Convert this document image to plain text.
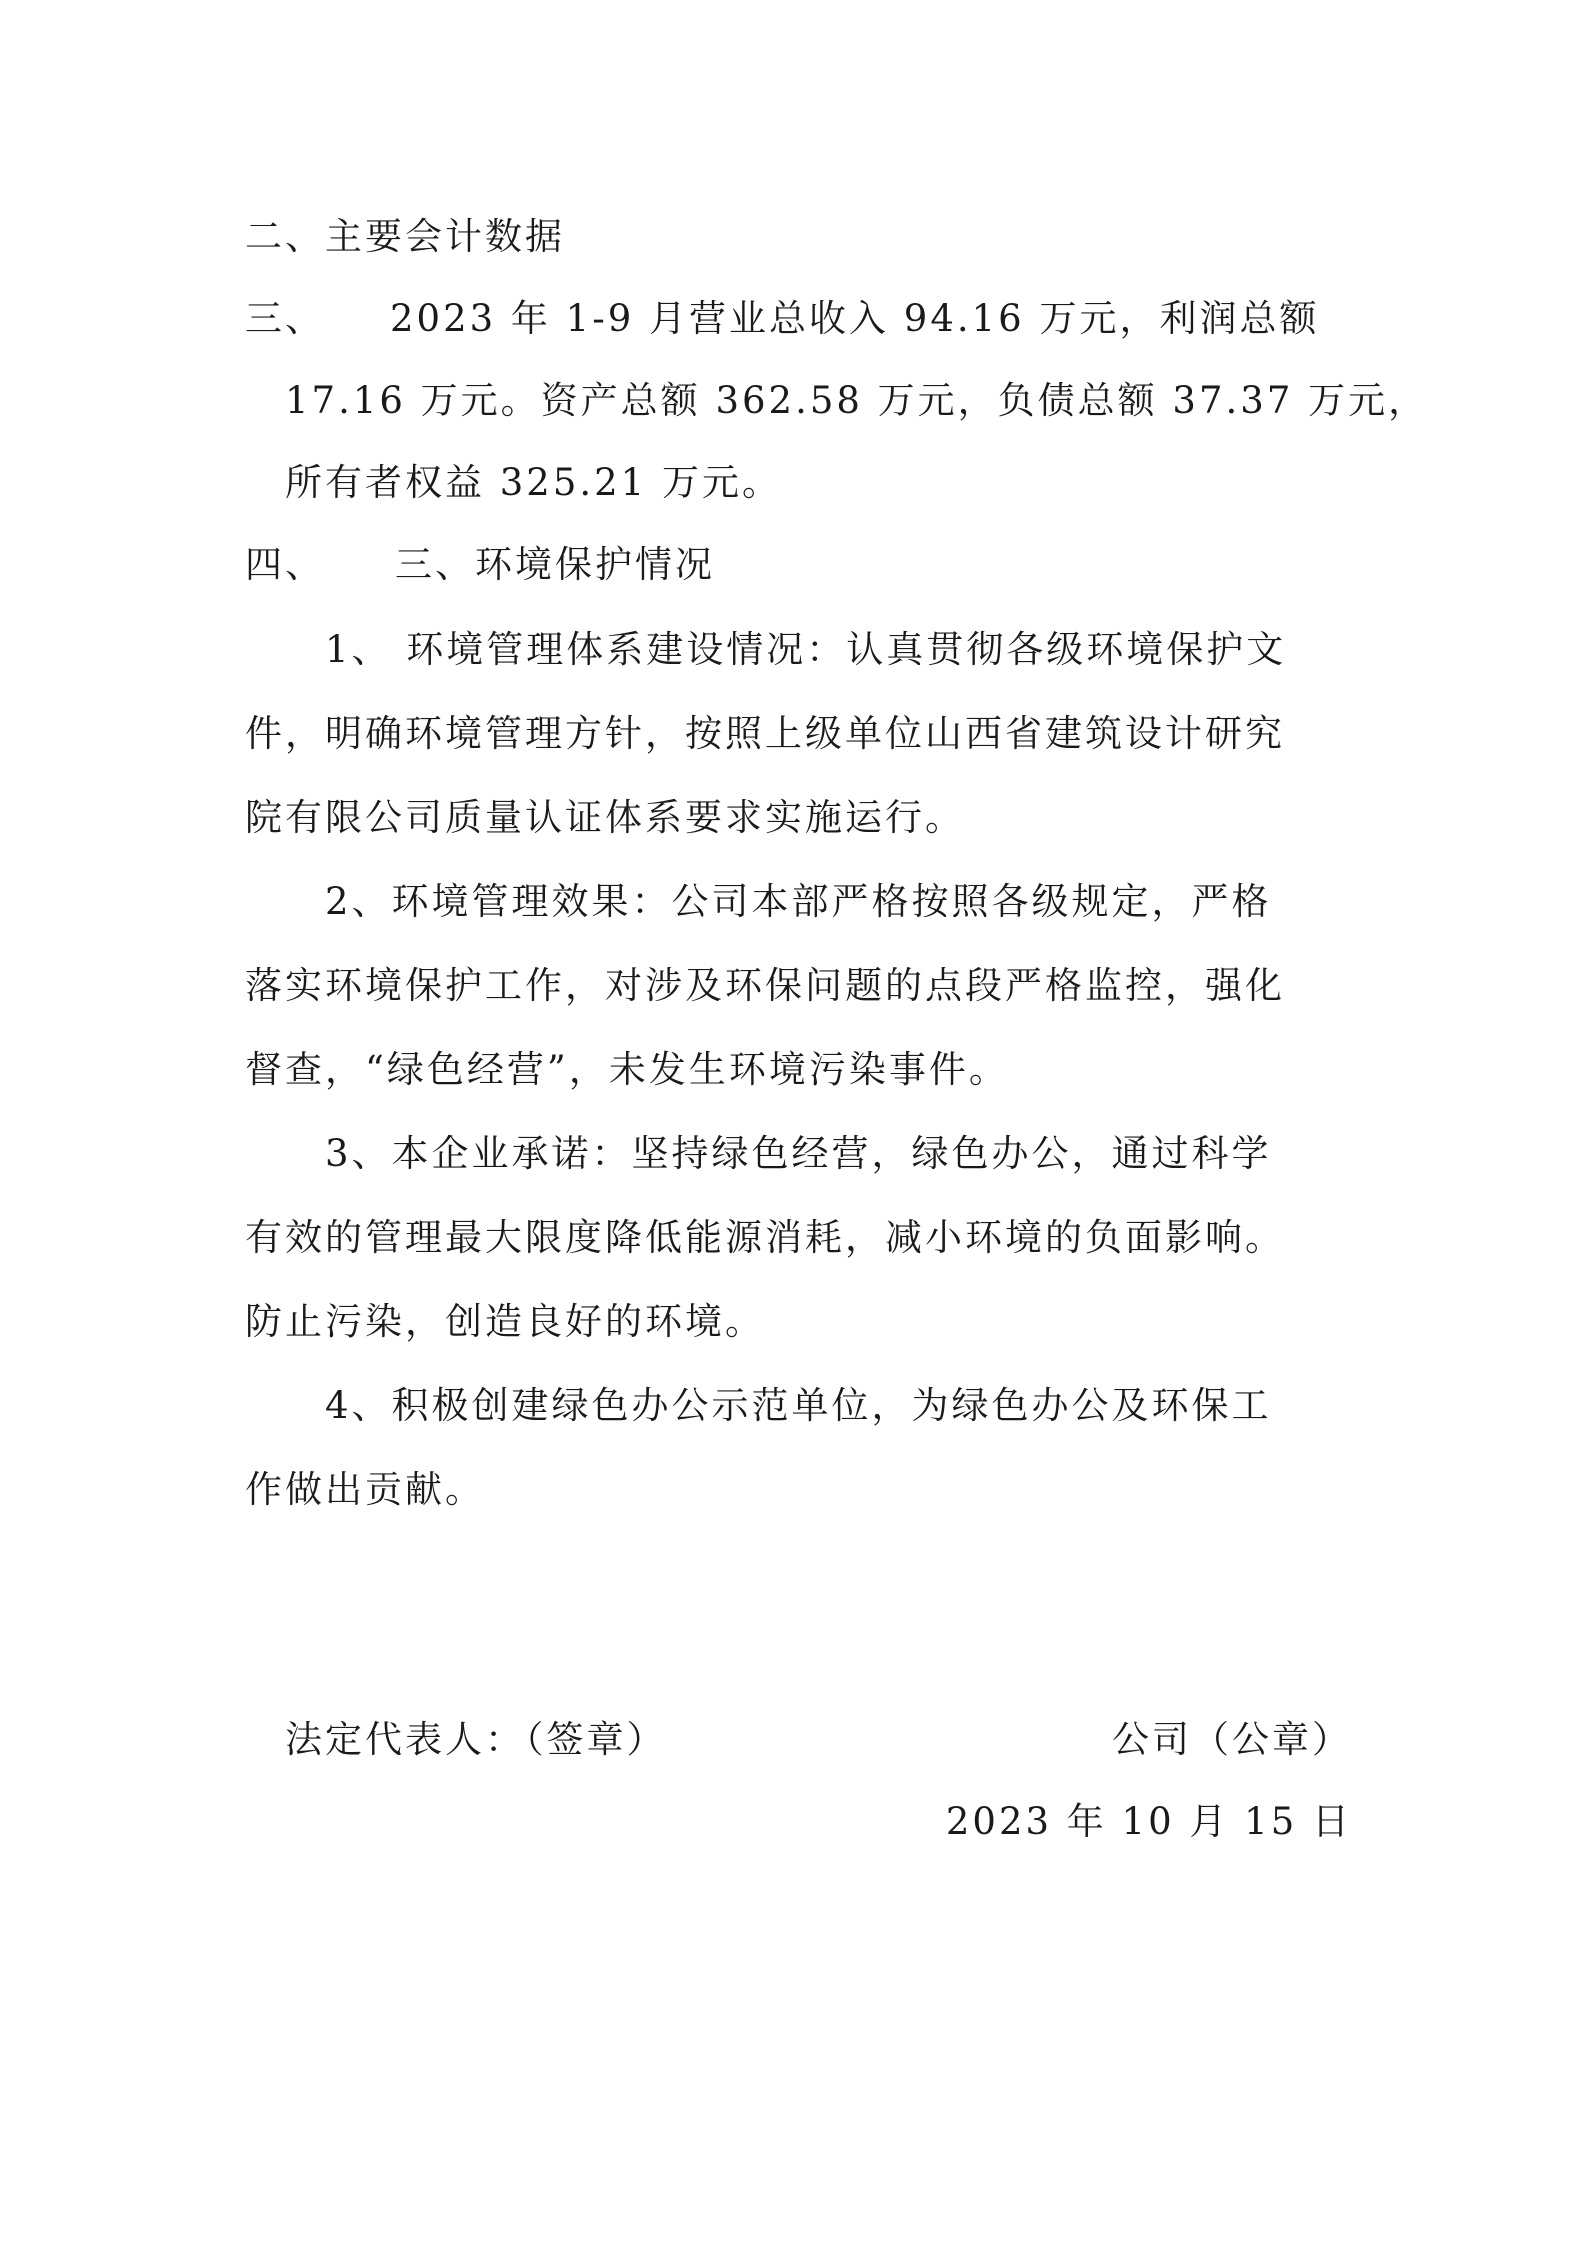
二、主要会计数据
三、 2023 年 1-9 月营业总收入 94.16 万元，利润总额
17.16 万元。资产总额 362.58 万元，负债总额 37.37 万元，
所有者权益 325.21 万元。
四、 三、环境保护情况
1、 环境管理体系建设情况：认真贯彻各级环境保护文
件，明确环境管理方针，按照上级单位山西省建筑设计研究
院有限公司质量认证体系要求实施运行。
2、环境管理效果：公司本部严格按照各级规定，严格
落实环境保护工作，对涉及环保问题的点段严格监控，强化
督查，“绿色经营”，未发生环境污染事件。
3、本企业承诺：坚持绿色经营，绿色办公，通过科学
有效的管理最大限度降低能源消耗，减小环境的负面影响。
防止污染，创造良好的环境。
4、积极创建绿色办公示范单位，为绿色办公及环保工
作做出贡献。
法定代表人：（签章）	公司（公章）
2023 年 10 月 15 日
